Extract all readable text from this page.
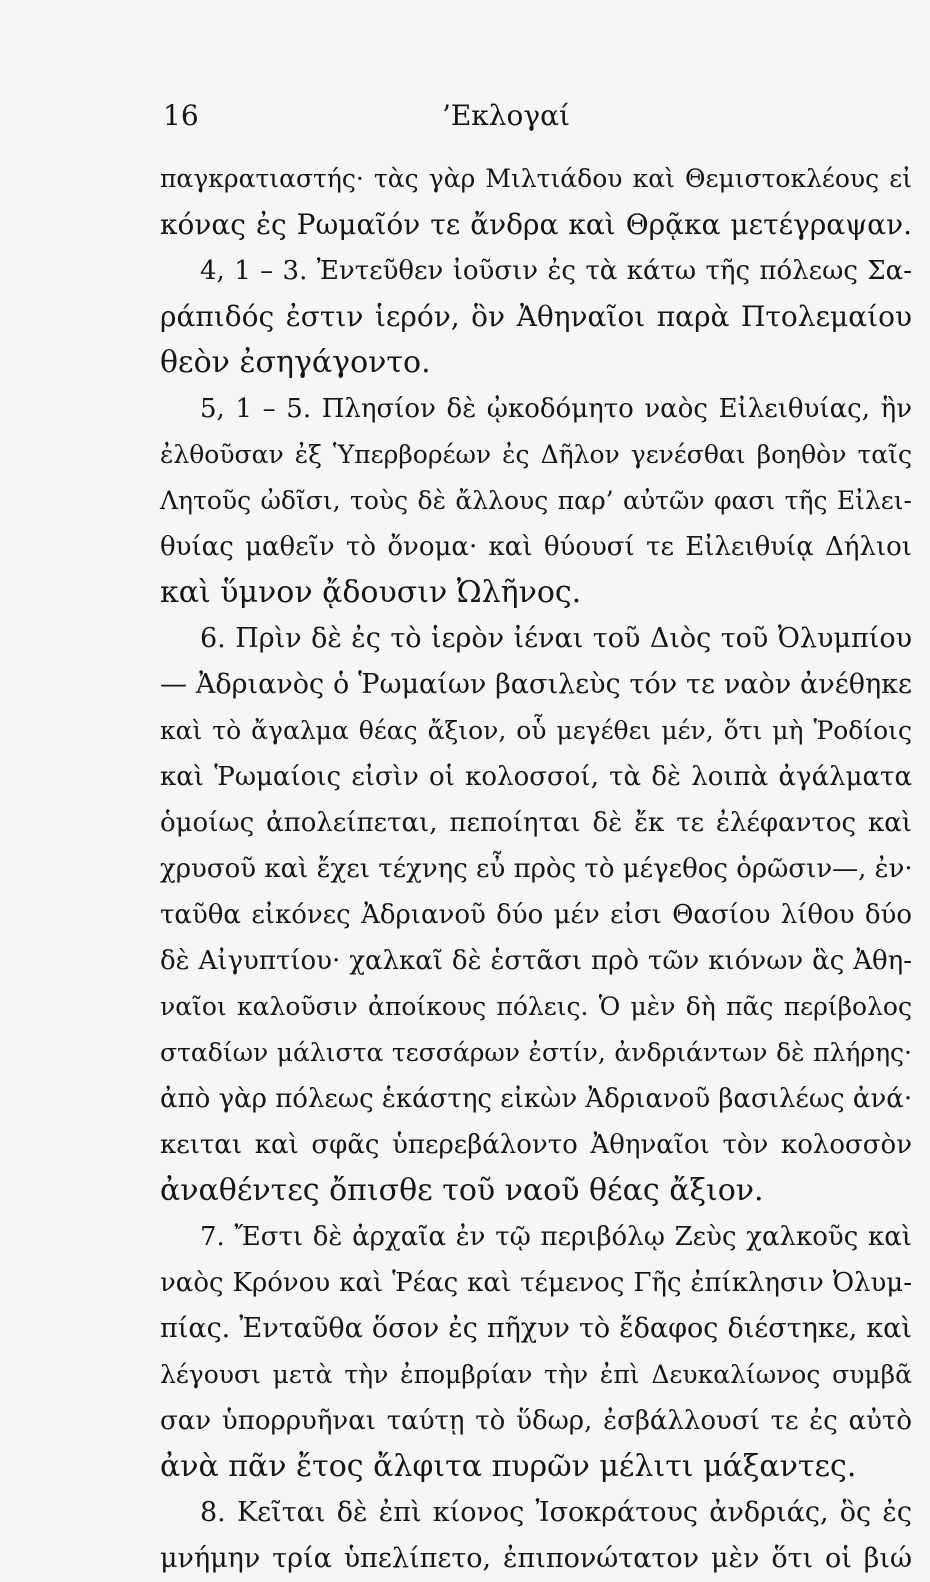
16	’Εκλογαί
παγκρατιαστής· τὰς γὰρ Μιλτιάδου καὶ Θεμιστοκλέους εἰ
κόνας ἐς Ρωμαῖόν τε ἄνδρα καὶ Θρᾷκα μετέγραψαν.
4, 1 – 3. Ἐντεῦθεν ἰοῦσιν ἐς τὰ κάτω τῆς πόλεως Σα-
ράπιδός ἐστιν ἱερόν, ὃν Ἀθηναῖοι παρὰ Πτολεμαίου
θεὸν ἐσηγάγοντο.
5, 1 – 5. Πλησίον δὲ ᾠκοδόμητο ναὸς Εἰλειθυίας, ἣν
ἐλθοῦσαν ἐξ Ὑπερβορέων ἐς Δῆλον γενέσθαι βοηθὸν ταῖς
Λητοῦς ὠδῖσι, τοὺς δὲ ἄλλους παρ’ αὐτῶν φασι τῆς Εἰλει-
θυίας μαθεῖν τὸ ὄνομα· καὶ θύουσί τε Εἰλειθυίᾳ Δήλιοι
καὶ ὕμνον ᾄδουσιν Ὠλῆνος.
6. Πρὶν δὲ ἐς τὸ ἱερὸν ἰέναι τοῦ Διὸς τοῦ Ὀλυμπίου
— Ἀδριανὸς ὁ Ῥωμαίων βασιλεὺς τόν τε ναὸν ἀνέθηκε
καὶ τὸ ἄγαλμα θέας ἄξιον, οὗ μεγέθει μέν, ὅτι μὴ Ῥοδίοις
καὶ Ῥωμαίοις εἰσὶν οἱ κολοσσοί, τὰ δὲ λοιπὰ ἀγάλματα
ὁμοίως ἀπολείπεται, πεποίηται δὲ ἔκ τε ἐλέφαντος καὶ
χρυσοῦ καὶ ἔχει τέχνης εὖ πρὸς τὸ μέγεθος ὁρῶσιν—, ἐν·
ταῦθα εἰκόνες Ἀδριανοῦ δύο μέν εἰσι Θασίου λίθου δύο
δὲ Αἰγυπτίου· χαλκαῖ δὲ ἑστᾶσι πρὸ τῶν κιόνων ἃς Ἀθη-
ναῖοι καλοῦσιν ἀποίκους πόλεις. Ὁ μὲν δὴ πᾶς περίβολος
σταδίων μάλιστα τεσσάρων ἐστίν, ἀνδριάντων δὲ πλήρης·
ἀπὸ γὰρ πόλεως ἑκάστης εἰκὼν Ἀδριανοῦ βασιλέως ἀνά·
κειται καὶ σφᾶς ὑπερεβάλοντο Ἀθηναῖοι τὸν κολοσσὸν
ἀναθέντες ὄπισθε τοῦ ναοῦ θέας ἄξιον.
7. Ἔστι δὲ ἀρχαῖα ἐν τῷ περιβόλῳ Ζεὺς χαλκοῦς καὶ
ναὸς Κρόνου καὶ Ῥέας καὶ τέμενος Γῆς ἐπίκλησιν Ὀλυμ-
πίας. Ἐνταῦθα ὅσον ἐς πῆχυν τὸ ἔδαφος διέστηκε, καὶ
λέγουσι μετὰ τὴν ἐπομβρίαν τὴν ἐπὶ Δευκαλίωνος συμβᾶ
σαν ὑπορρυῆναι ταύτῃ τὸ ὕδωρ, ἐσβάλλουσί τε ἐς αὐτὸ
ἀνὰ πᾶν ἔτος ἄλφιτα πυρῶν μέλιτι μάξαντες.
8. Κεῖται δὲ ἐπὶ κίονος Ἰσοκράτους ἀνδριάς, ὃς ἐς
μνήμην τρία ὑπελίπετο, ἐπιπονώτατον μὲν ὅτι οἱ βιώ
